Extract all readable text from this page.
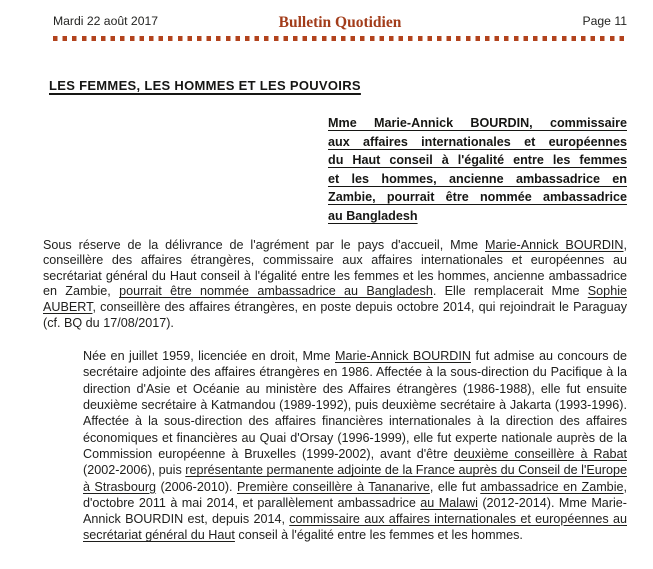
Mardi 22 août 2017	Bulletin Quotidien	Page 11
LES FEMMES, LES HOMMES ET LES POUVOIRS
Mme Marie-Annick BOURDIN, commissaire
aux affaires internationales et européennes
du Haut conseil à l'égalité entre les femmes
et les hommes, ancienne ambassadrice en
Zambie, pourrait être nommée ambassadrice
au Bangladesh

Sous réserve de la délivrance de l'agrément par le pays d'accueil, Mme Marie-Annick BOURDIN, conseillère des affaires étrangères, commissaire aux affaires internationales et européennes au secrétariat général du Haut conseil à l'égalité entre les femmes et les hommes, ancienne ambassadrice en Zambie, pourrait être nommée ambassadrice au Bangladesh. Elle remplacerait Mme Sophie AUBERT, conseillère des affaires étrangères, en poste depuis octobre 2014, qui rejoindrait le Paraguay (cf. BQ du 17/08/2017).

Née en juillet 1959, licenciée en droit, Mme Marie-Annick BOURDIN fut admise au concours de secrétaire adjointe des affaires étrangères en 1986. Affectée à la sous-direction du Pacifique à la direction d'Asie et Océanie au ministère des Affaires étrangères (1986-1988), elle fut ensuite deuxième secrétaire à Katmandou (1989-1992), puis deuxième secrétaire à Jakarta (1993-1996). Affectée à la sous-direction des affaires financières internationales à la direction des affaires économiques et financières au Quai d'Orsay (1996-1999), elle fut experte nationale auprès de la Commission européenne à Bruxelles (1999-2002), avant d'être deuxième conseillère à Rabat (2002-2006), puis représentante permanente adjointe de la France auprès du Conseil de l'Europe à Strasbourg (2006-2010). Première conseillère à Tananarive, elle fut ambassadrice en Zambie, d'octobre 2011 à mai 2014, et parallèlement ambassadrice au Malawi (2012-2014). Mme Marie-Annick BOURDIN est, depuis 2014, commissaire aux affaires internationales et européennes au secrétariat général du Haut conseil à l'égalité entre les femmes et les hommes.
